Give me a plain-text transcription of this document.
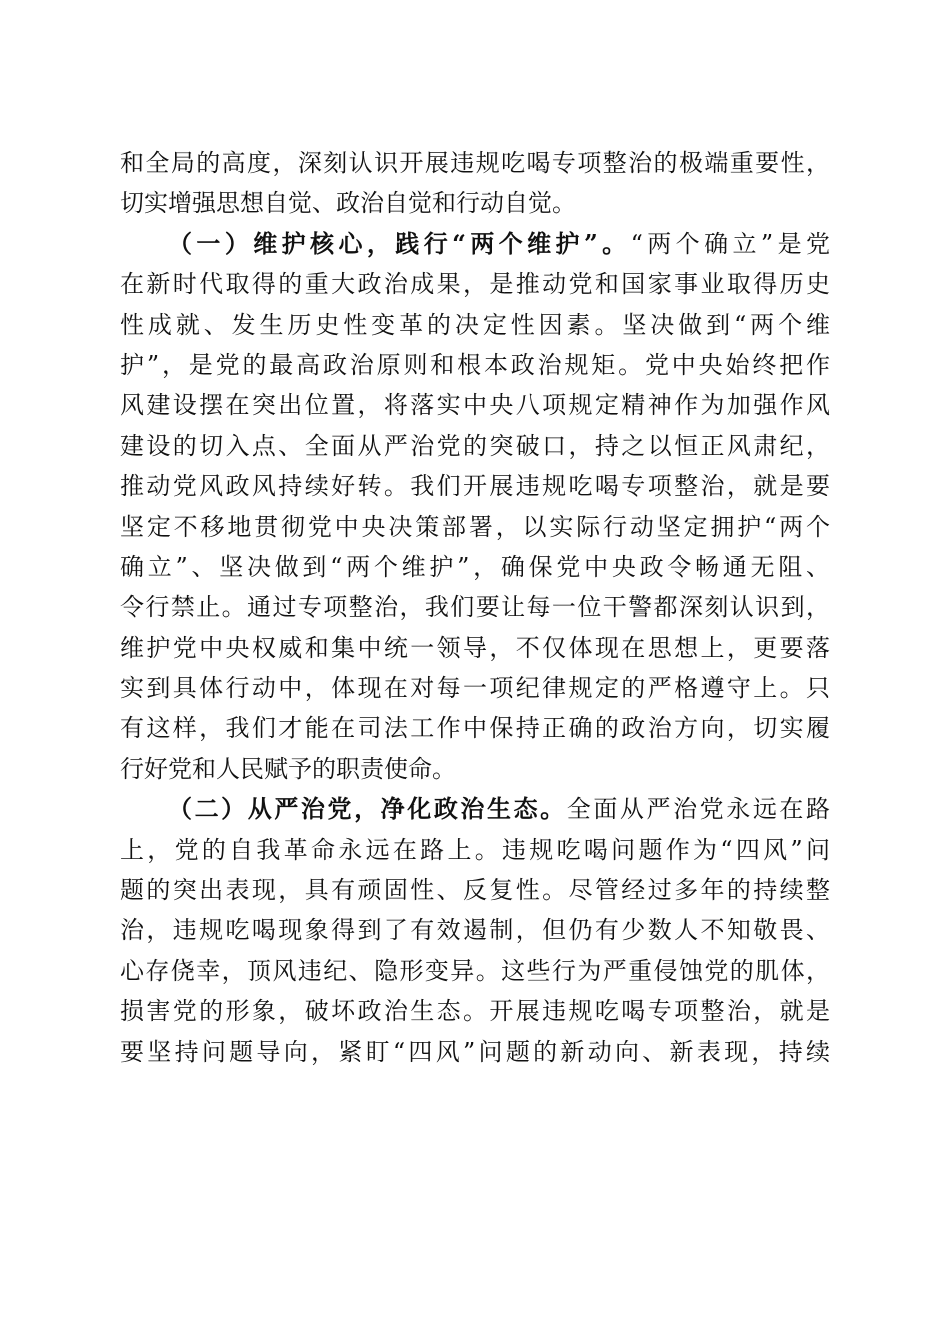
和全局的高度，深刻认识开展违规吃喝专项整治的极端重要性，
切实增强思想自觉、政治自觉和行动自觉。
（一）维护核心，践行“两个维护”。“两个确立”是党
在新时代取得的重大政治成果，是推动党和国家事业取得历史
性成就、发生历史性变革的决定性因素。坚决做到“两个维
护”，是党的最高政治原则和根本政治规矩。党中央始终把作
风建设摆在突出位置，将落实中央八项规定精神作为加强作风
建设的切入点、全面从严治党的突破口，持之以恒正风肃纪，
推动党风政风持续好转。我们开展违规吃喝专项整治，就是要
坚定不移地贯彻党中央决策部署，以实际行动坚定拥护“两个
确立”、坚决做到“两个维护”，确保党中央政令畅通无阻、
令行禁止。通过专项整治，我们要让每一位干警都深刻认识到，
维护党中央权威和集中统一领导，不仅体现在思想上，更要落
实到具体行动中，体现在对每一项纪律规定的严格遵守上。只
有这样，我们才能在司法工作中保持正确的政治方向，切实履
行好党和人民赋予的职责使命。
（二）从严治党，净化政治生态。全面从严治党永远在路
上，党的自我革命永远在路上。违规吃喝问题作为“四风”问
题的突出表现，具有顽固性、反复性。尽管经过多年的持续整
治，违规吃喝现象得到了有效遏制，但仍有少数人不知敬畏、
心存侥幸，顶风违纪、隐形变异。这些行为严重侵蚀党的肌体，
损害党的形象，破坏政治生态。开展违规吃喝专项整治，就是
要坚持问题导向，紧盯“四风”问题的新动向、新表现，持续
